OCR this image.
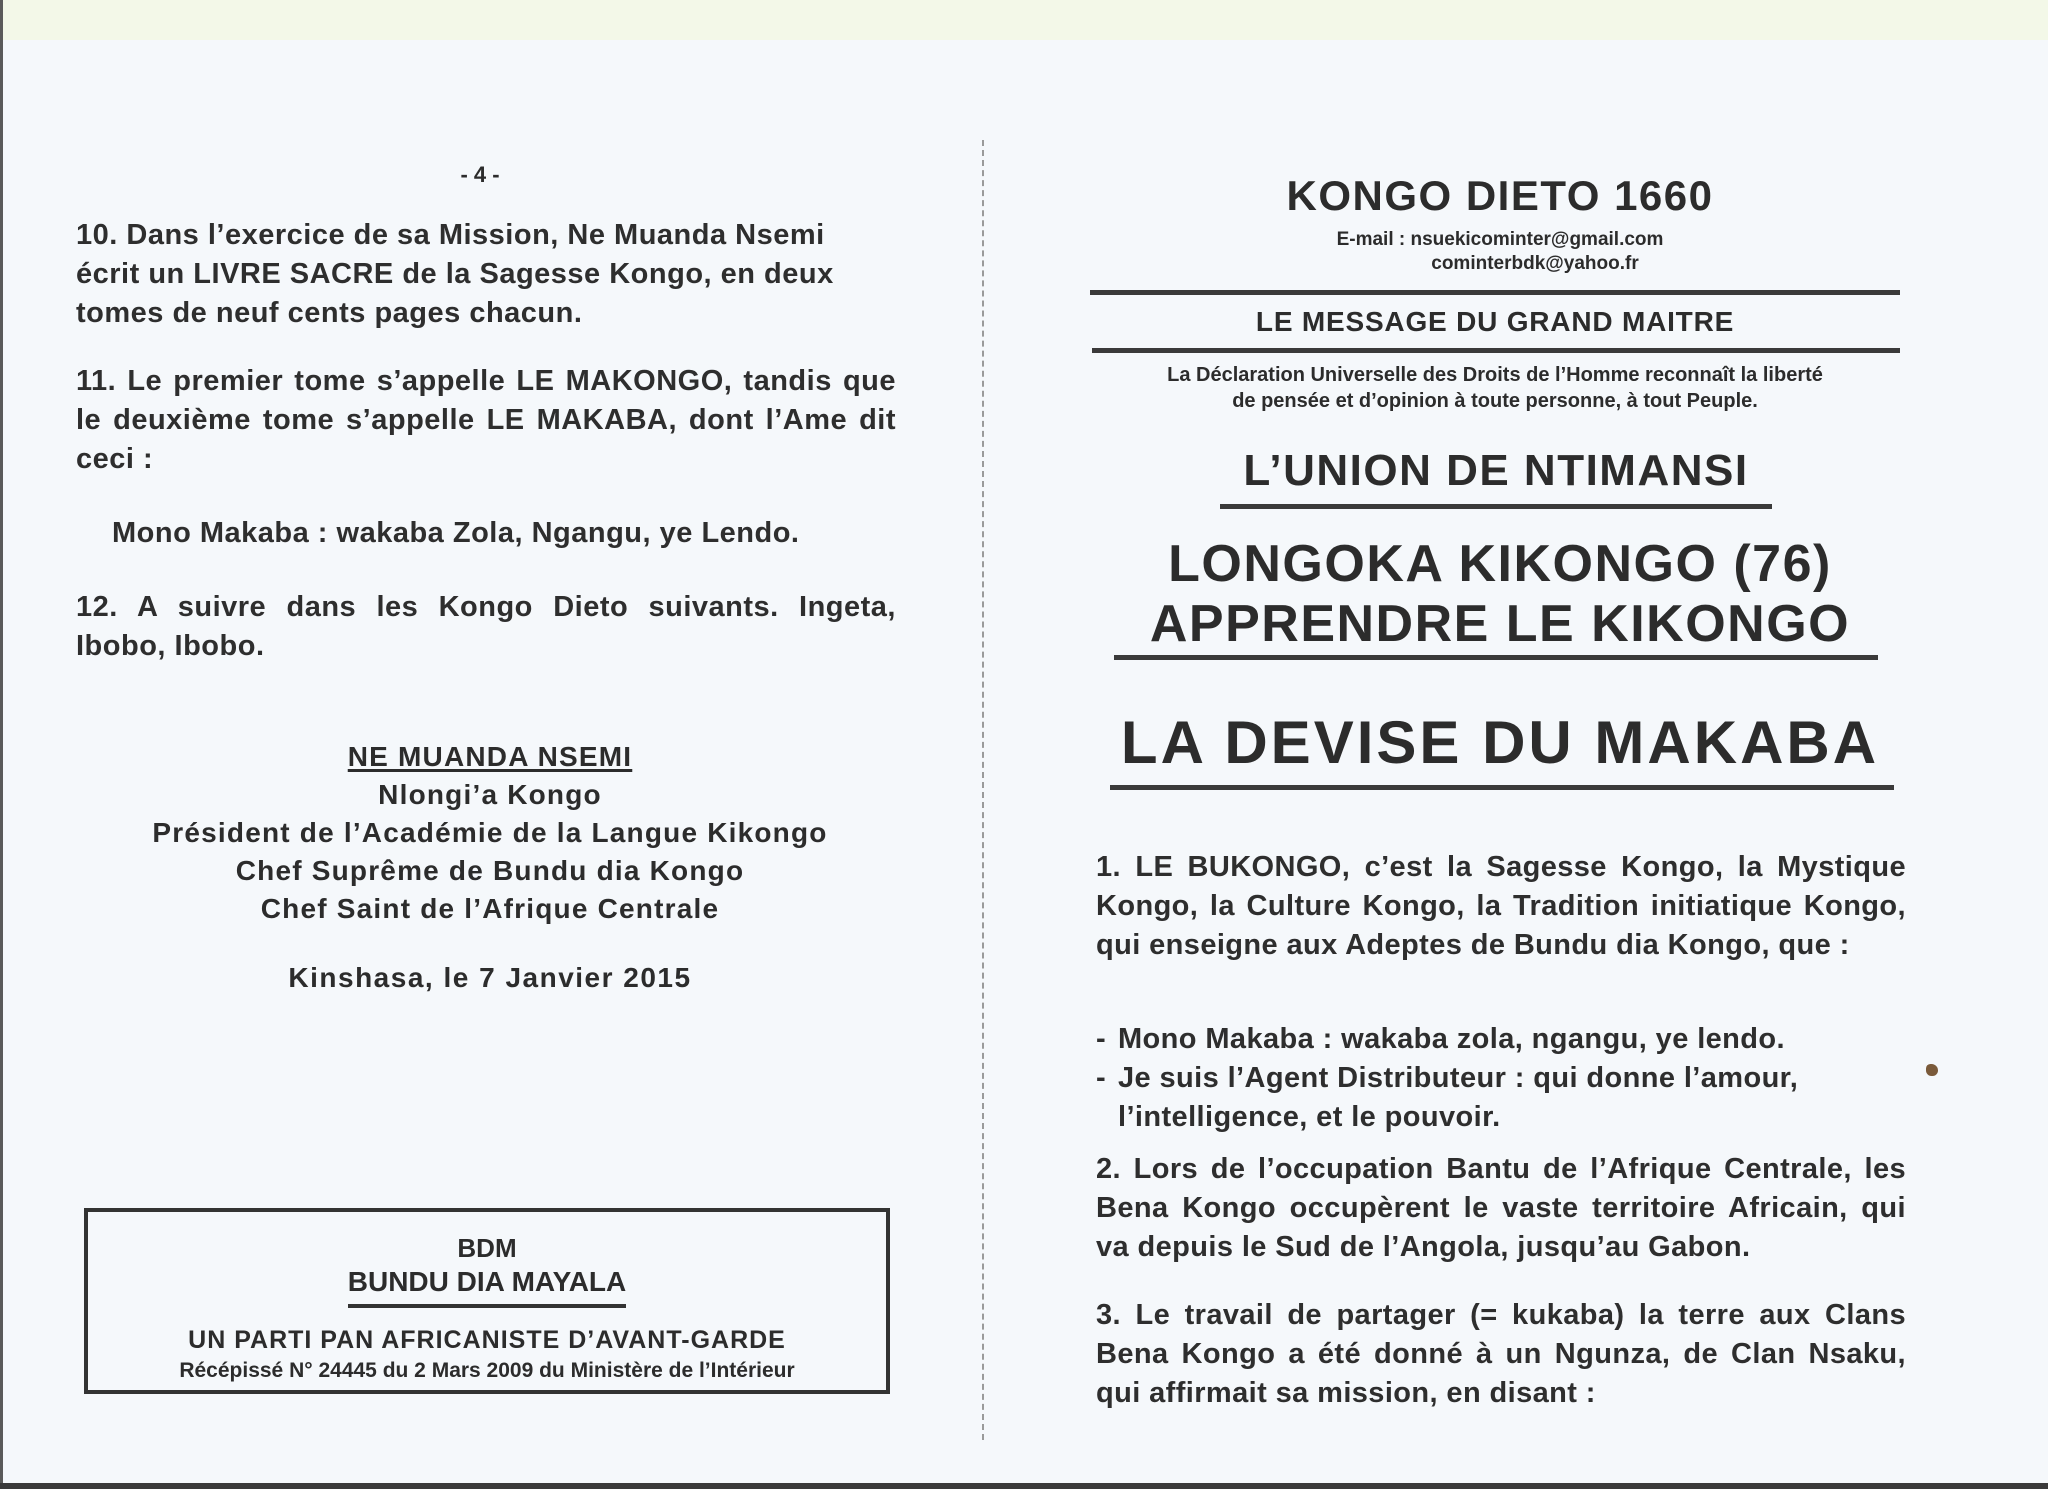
- 4 -
10. Dans l’exercice de sa Mission, Ne Muanda Nsemi écrit un LIVRE SACRE de la Sagesse Kongo, en deux tomes de neuf cents pages chacun.
11. Le premier tome s’appelle LE MAKONGO, tandis que le deuxième tome s’appelle LE MAKABA, dont l’Ame dit ceci :
Mono Makaba : wakaba Zola, Ngangu, ye Lendo.
12. A suivre dans les Kongo Dieto suivants. Ingeta, Ibobo, Ibobo.
NE MUANDA NSEMI
Nlongi’a Kongo
Président de l’Académie de la Langue Kikongo
Chef Suprême de Bundu dia Kongo
Chef Saint de l’Afrique Centrale
Kinshasa, le 7 Janvier 2015
BDM
BUNDU DIA MAYALA
UN PARTI PAN AFRICANISTE D’AVANT-GARDE
Récépissé N° 24445 du 2 Mars 2009 du Ministère de l’Intérieur
KONGO DIETO 1660
E-mail : nsuekicominter@gmail.com
cominterbdk@yahoo.fr
LE MESSAGE DU GRAND MAITRE
La Déclaration Universelle des Droits de l’Homme reconnaît la liberté
de pensée et d’opinion à toute personne, à tout Peuple.
L’UNION DE NTIMANSI
LONGOKA KIKONGO (76)
APPRENDRE LE KIKONGO
LA DEVISE DU MAKABA
1. LE BUKONGO, c’est la Sagesse Kongo, la Mystique Kongo, la Culture Kongo, la Tradition initiatique Kongo, qui enseigne aux Adeptes de Bundu dia Kongo, que :
- Mono Makaba : wakaba zola, ngangu, ye lendo.
- Je suis l’Agent Distributeur : qui donne l’amour, l’intelligence, et le pouvoir.
2. Lors de l’occupation Bantu de l’Afrique Centrale, les Bena Kongo occupèrent le vaste territoire Africain, qui va depuis le Sud de l’Angola, jusqu’au Gabon.
3. Le travail de partager (= kukaba) la terre aux Clans Bena Kongo a été donné à un Ngunza, de Clan Nsaku, qui affirmait sa mission, en disant :
